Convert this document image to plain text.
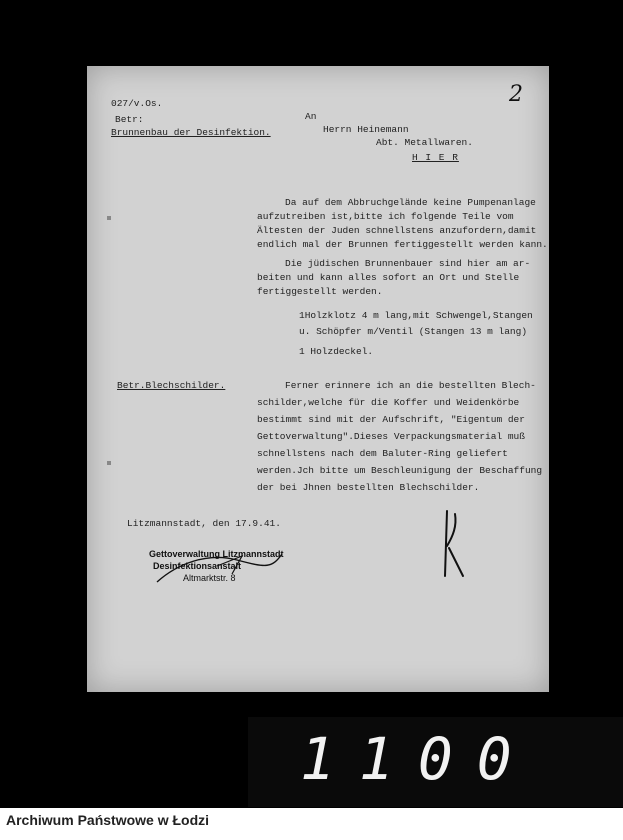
027/v.Os.
Betr:
Brunnenbau der Desinfektion.
An
Herrn Heinemann
Abt. Metallwaren.
H I E R
2
Da auf dem Abbruchgelände keine Pumpenanlage
aufzutreiben ist,bitte ich folgende Teile vom
Ältesten der Juden schnellstens anzufordern,damit
endlich mal der Brunnen fertiggestellt werden kann.
Die jüdischen Brunnenbauer sind hier am ar-
beiten und kann alles sofort an Ort und Stelle
fertiggestellt werden.
1Holzklotz 4 m lang,mit Schwengel,Stangen
u. Schöpfer m/Ventil (Stangen 13 m lang)
1 Holzdeckel.
Betr.Blechschilder.	Ferner erinnere ich an die bestellten Blech-
schilder,welche für die Koffer und Weidenkörbe
bestimmt sind mit der Aufschrift, "Eigentum der
Gettoverwaltung".Dieses Verpackungsmaterial muß
schnellstens nach dem Baluter-Ring geliefert
werden.Jch bitte um Beschleunigung der Beschaffung
der bei Jhnen bestellten Blechschilder.
Litzmannstadt, den 17.9.41.
Gettoverwaltung Litzmannstadt
Desinfektionsanstalt
Altmarktstr. 8
1100
Archiwum Państwowe w Łodzi
